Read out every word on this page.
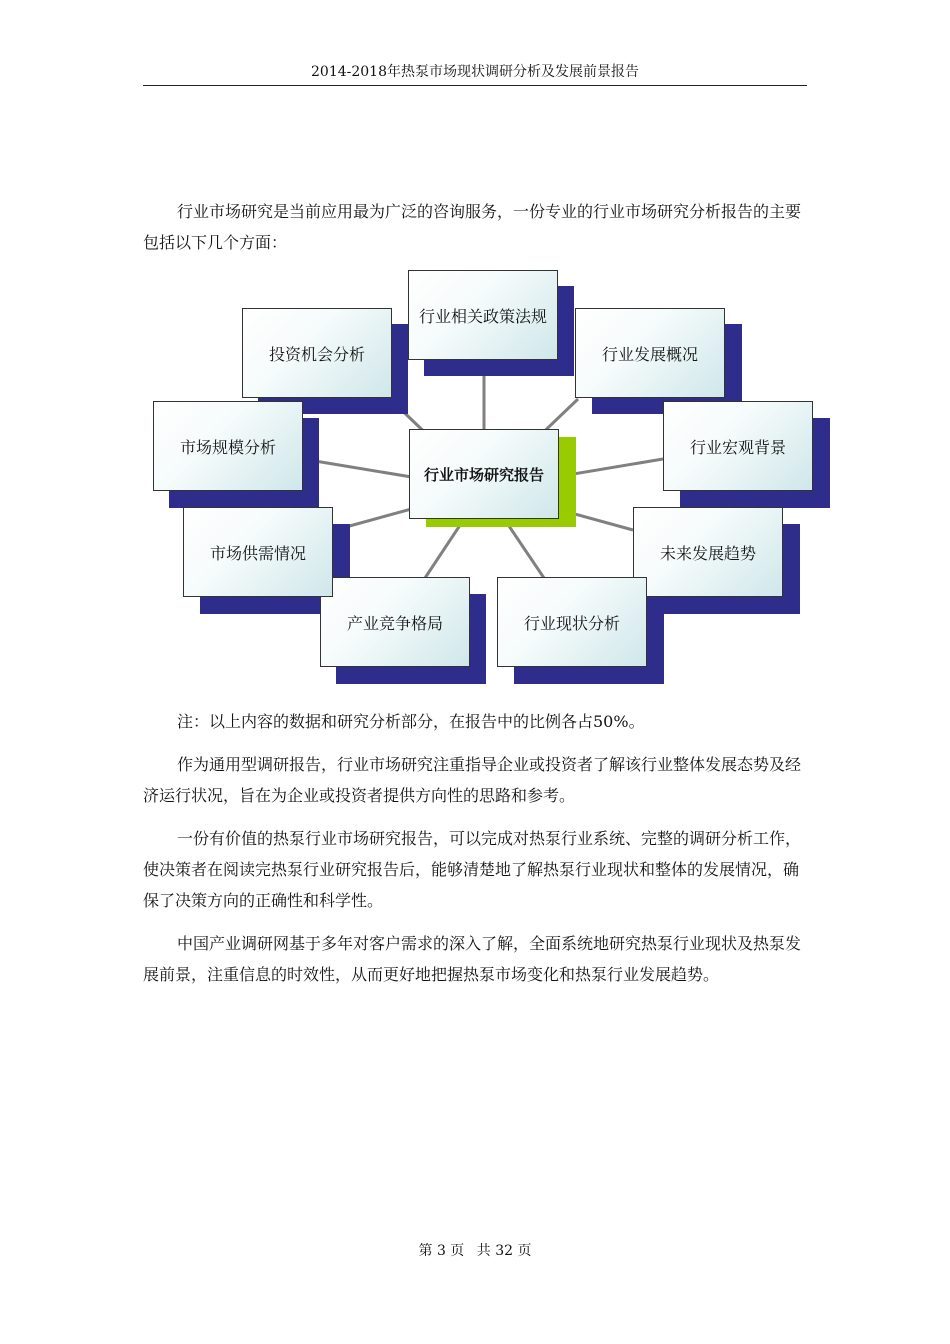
2014-2018年热泵市场现状调研分析及发展前景报告

行业市场研究是当前应用最为广泛的咨询服务，一份专业的行业市场研究分析报告的主要包括以下几个方面：

行业相关政策法规
行业发展概况
行业宏观背景
未来发展趋势
行业现状分析
产业竞争格局
市场供需情况
市场规模分析
投资机会分析
行业市场研究报告

注：以上内容的数据和研究分析部分，在报告中的比例各占50%。

作为通用型调研报告，行业市场研究注重指导企业或投资者了解该行业整体发展态势及经济运行状况，旨在为企业或投资者提供方向性的思路和参考。

一份有价值的热泵行业市场研究报告，可以完成对热泵行业系统、完整的调研分析工作，使决策者在阅读完热泵行业研究报告后，能够清楚地了解热泵行业现状和整体的发展情况，确保了决策方向的正确性和科学性。

中国产业调研网基于多年对客户需求的深入了解，全面系统地研究热泵行业现状及热泵发展前景，注重信息的时效性，从而更好地把握热泵市场变化和热泵行业发展趋势。

第 3 页 共 32 页
